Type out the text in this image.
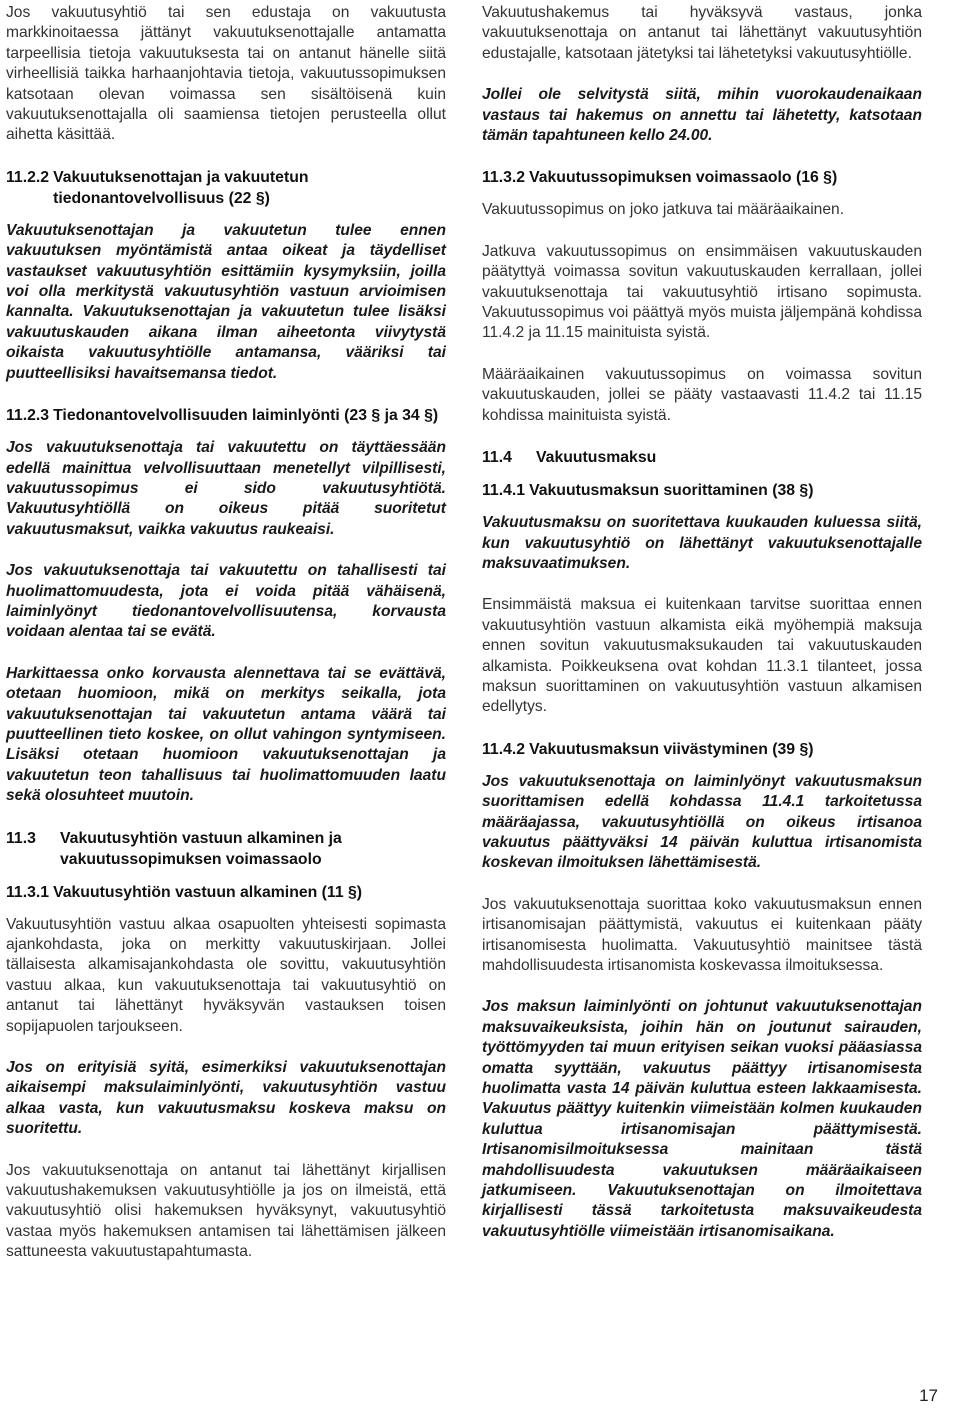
Jos vakuutusyhtiö tai sen edustaja on vakuutusta markkinoitaessa jättänyt vakuutuksenottajalle antamatta tarpeellisia tietoja vakuutuksesta tai on antanut hänelle siitä virheellisiä taikka harhaanjohtavia tietoja, vakuutussopimuksen katsotaan olevan voimassa sen sisältöisenä kuin vakuutuksenottajalla oli saamiensa tietojen perusteella ollut aihetta käsittää.

11.2.2 Vakuutuksenottajan ja vakuutetun tiedonantovelvollisuus (22 §)

Vakuutuksenottajan ja vakuutetun tulee ennen vakuutuksen myöntämistä antaa oikeat ja täydelliset vastaukset vakuutusyhtiön esittämiin kysymyksiin, joilla voi olla merkitystä vakuutusyhtiön vastuun arvioimisen kannalta. Vakuutuksenottajan ja vakuutetun tulee lisäksi vakuutuskauden aikana ilman aiheetonta viivytystä oikaista vakuutusyhtiölle antamansa, vääriksi tai puutteellisiksi havaitsemansa tiedot.

11.2.3 Tiedonantovelvollisuuden laiminlyönti (23 § ja 34 §)

Jos vakuutuksenottaja tai vakuutettu on täyttäessään edellä mainittua velvollisuuttaan menetellyt vilpillisesti, vakuutussopimus ei sido vakuutusyhtiötä. Vakuutusyhtiöllä on oikeus pitää suoritetut vakuutusmaksut, vaikka vakuutus raukeaisi.

Jos vakuutuksenottaja tai vakuutettu on tahallisesti tai huolimattomuudesta, jota ei voida pitää vähäisenä, laiminlyönyt tiedonantovelvollisuutensa, korvausta voidaan alentaa tai se evätä.

Harkittaessa onko korvausta alennettava tai se evättävä, otetaan huomioon, mikä on merkitys seikalla, jota vakuutuksenottajan tai vakuutetun antama väärä tai puutteellinen tieto koskee, on ollut vahingon syntymiseen. Lisäksi otetaan huomioon vakuutuksenottajan ja vakuutetun teon tahallisuus tai huolimattomuuden laatu sekä olosuhteet muutoin.

11.3	Vakuutusyhtiön vastuun alkaminen ja vakuutussopimuksen voimassaolo
11.3.1 Vakuutusyhtiön vastuun alkaminen (11 §)

Vakuutusyhtiön vastuu alkaa osapuolten yhteisesti sopimasta ajankohdasta, joka on merkitty vakuutuskirjaan. Jollei tällaisesta alkamisajankohdasta ole sovittu, vakuutusyhtiön vastuu alkaa, kun vakuutuksenottaja tai vakuutusyhtiö on antanut tai lähettänyt hyväksyvän vastauksen toisen sopijapuolen tarjoukseen.

Jos on erityisiä syitä, esimerkiksi vakuutuksenottajan aikaisempi maksulaiminlyönti, vakuutusyhtiön vastuu alkaa vasta, kun vakuutusmaksu koskeva maksu on suoritettu.

Jos vakuutuksenottaja on antanut tai lähettänyt kirjallisen vakuutushakemuksen vakuutusyhtiölle ja jos on ilmeistä, että vakuutusyhtiö olisi hakemuksen hyväksynyt, vakuutusyhtiö vastaa myös hakemuksen antamisen tai lähettämisen jälkeen sattuneesta vakuutustapahtumasta.

Vakuutushakemus tai hyväksyvä vastaus, jonka vakuutuksenottaja on antanut tai lähettänyt vakuutusyhtiön edustajalle, katsotaan jätetyksi tai lähetetyksi vakuutusyhtiölle.

Jollei ole selvitystä siitä, mihin vuorokaudenaikaan vastaus tai hakemus on annettu tai lähetetty, katsotaan tämän tapahtuneen kello 24.00.

11.3.2 Vakuutussopimuksen voimassaolo (16 §)

Vakuutussopimus on joko jatkuva tai määräaikainen.

Jatkuva vakuutussopimus on ensimmäisen vakuutuskauden päätyttyä voimassa sovitun vakuutuskauden kerrallaan, jollei vakuutuksenottaja tai vakuutusyhtiö irtisano sopimusta. Vakuutussopimus voi päättyä myös muista jäljempänä kohdissa 11.4.2 ja 11.15 mainituista syistä.

Määräaikainen vakuutussopimus on voimassa sovitun vakuutuskauden, jollei se pääty vastaavasti 11.4.2 tai 11.15 kohdissa mainituista syistä.

11.4	Vakuutusmaksu
11.4.1 Vakuutusmaksun suorittaminen (38 §)

Vakuutusmaksu on suoritettava kuukauden kuluessa siitä, kun vakuutusyhtiö on lähettänyt vakuutuksenottajalle maksuvaatimuksen.

Ensimmäistä maksua ei kuitenkaan tarvitse suorittaa ennen vakuutusyhtiön vastuun alkamista eikä myöhempiä maksuja ennen sovitun vakuutusmaksukauden tai vakuutuskauden alkamista. Poikkeuksena ovat kohdan 11.3.1 tilanteet, jossa maksun suorittaminen on vakuutusyhtiön vastuun alkamisen edellytys.

11.4.2 Vakuutusmaksun viivästyminen (39 §)

Jos vakuutuksenottaja on laiminlyönyt vakuutusmaksun suorittamisen edellä kohdassa 11.4.1 tarkoitetussa määräajassa, vakuutusyhtiöllä on oikeus irtisanoa vakuutus päättyväksi 14 päivän kuluttua irtisanomista koskevan ilmoituksen lähettämisestä.

Jos vakuutuksenottaja suorittaa koko vakuutusmaksun ennen irtisanomisajan päättymistä, vakuutus ei kuitenkaan pääty irtisanomisesta huolimatta. Vakuutusyhtiö mainitsee tästä mahdollisuudesta irtisanomista koskevassa ilmoituksessa.

Jos maksun laiminlyönti on johtunut vakuutuksenottajan maksuvaikeuksista, joihin hän on joutunut sairauden, työttömyyden tai muun erityisen seikan vuoksi pääasiassa omatta syyttään, vakuutus päättyy irtisanomisesta huolimatta vasta 14 päivän kuluttua esteen lakkaamisesta. Vakuutus päättyy kuitenkin viimeistään kolmen kuukauden kuluttua irtisanomisajan päättymisestä. Irtisanomisilmoituksessa mainitaan tästä mahdollisuudesta vakuutuksen määräaikaiseen jatkumiseen. Vakuutuksenottajan on ilmoitettava kirjallisesti tässä tarkoitetusta maksuvaikeudesta vakuutusyhtiölle viimeistään irtisanomisaikana.

17
